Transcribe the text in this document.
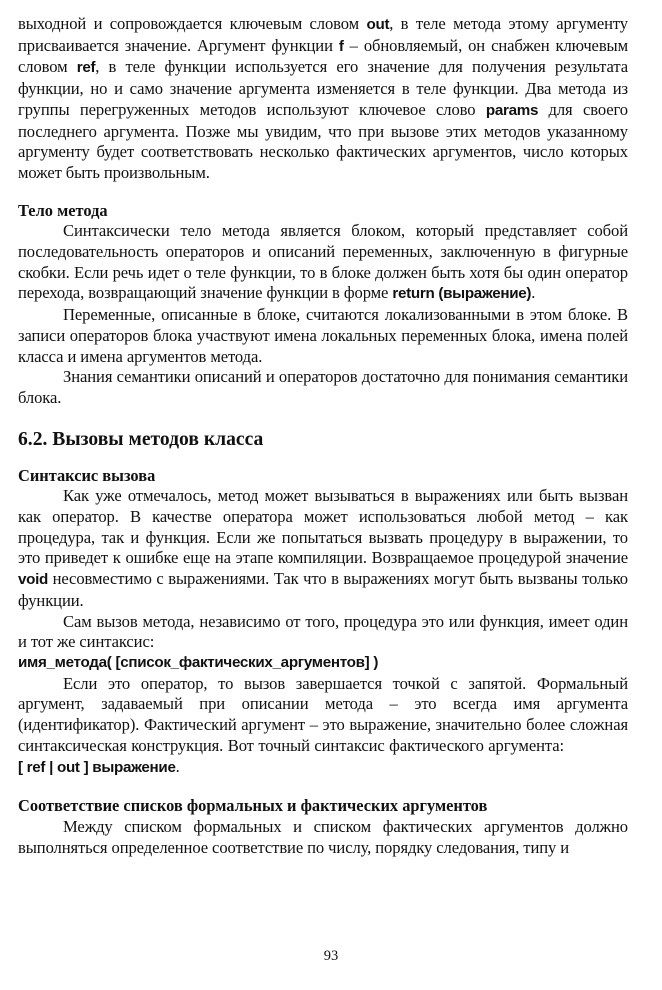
выходной и сопровождается ключевым словом out, в теле метода этому аргументу присваивается значение. Аргумент функции f – обновляемый, он снабжен ключевым словом ref, в теле функции используется его значение для получения результата функции, но и само значение аргумента изменяется в теле функции. Два метода из группы перегруженных методов используют ключевое слово params для своего последнего аргумента. Позже мы увидим, что при вызове этих методов указанному аргументу будет соответствовать несколько фактических аргументов, число которых может быть произвольным.

Тело метода

Синтаксически тело метода является блоком, который представляет собой последовательность операторов и описаний переменных, заключенную в фигурные скобки. Если речь идет о теле функции, то в блоке должен быть хотя бы один оператор перехода, возвращающий значение функции в форме return (выражение).

Переменные, описанные в блоке, считаются локализованными в этом блоке. В записи операторов блока участвуют имена локальных переменных блока, имена полей класса и имена аргументов метода.

Знания семантики описаний и операторов достаточно для понимания семантики блока.

6.2. Вызовы методов класса
Синтаксис вызова

Как уже отмечалось, метод может вызываться в выражениях или быть вызван как оператор. В качестве оператора может использоваться любой метод – как процедура, так и функция. Если же попытаться вызвать процедуру в выражении, то это приведет к ошибке еще на этапе компиляции. Возвращаемое процедурой значение void несовместимо с выражениями. Так что в выражениях могут быть вызваны только функции.

Сам вызов метода, независимо от того, процедура это или функция, имеет один и тот же синтаксис:

имя_метода( [список_фактических_аргументов] )

Если это оператор, то вызов завершается точкой с запятой. Формальный аргумент, задаваемый при описании метода – это всегда имя аргумента (идентификатор). Фактический аргумент – это выражение, значительно более сложная синтаксическая конструкция. Вот точный синтаксис фактического аргумента:[ ref | out ] выражение.

Соответствие списков формальных и фактических аргументов

Между списком формальных и списком фактических аргументов должно выполняться определенное соответствие по числу, порядку следования, типу и

93
